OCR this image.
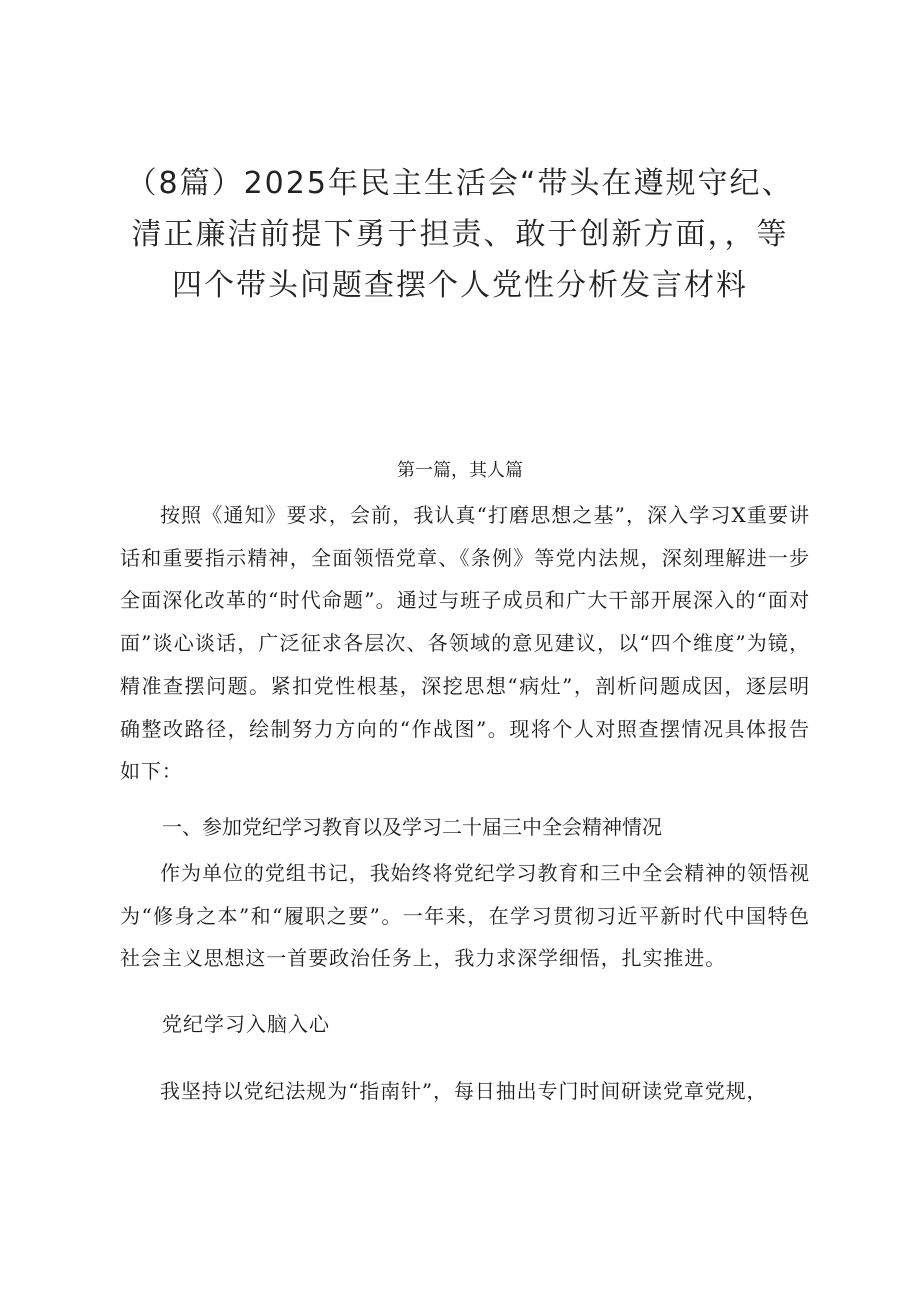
（8篇）2025年民主生活会“带头在遵规守纪、清正廉洁前提下勇于担责、敢于创新方面，，等四个带头问题查摆个人党性分析发言材料
第一篇，其人篇

按照《通知》要求，会前，我认真“打磨思想之基”，深入学习X重要讲话和重要指示精神，全面领悟党章、《条例》等党内法规，深刻理解进一步全面深化改革的“时代命题”。通过与班子成员和广大干部开展深入的“面对面”谈心谈话，广泛征求各层次、各领域的意见建议，以“四个维度”为镜，精准查摆问题。紧扣党性根基，深挖思想“病灶”，剖析问题成因，逐层明确整改路径，绘制努力方向的“作战图”。现将个人对照查摆情况具体报告如下：

一、参加党纪学习教育以及学习二十届三中全会精神情况

作为单位的党组书记，我始终将党纪学习教育和三中全会精神的领悟视为“修身之本”和“履职之要”。一年来，在学习贯彻习近平新时代中国特色社会主义思想这一首要政治任务上，我力求深学细悟，扎实推进。

党纪学习入脑入心

我坚持以党纪法规为“指南针”，每日抽出专门时间研读党章党规，
